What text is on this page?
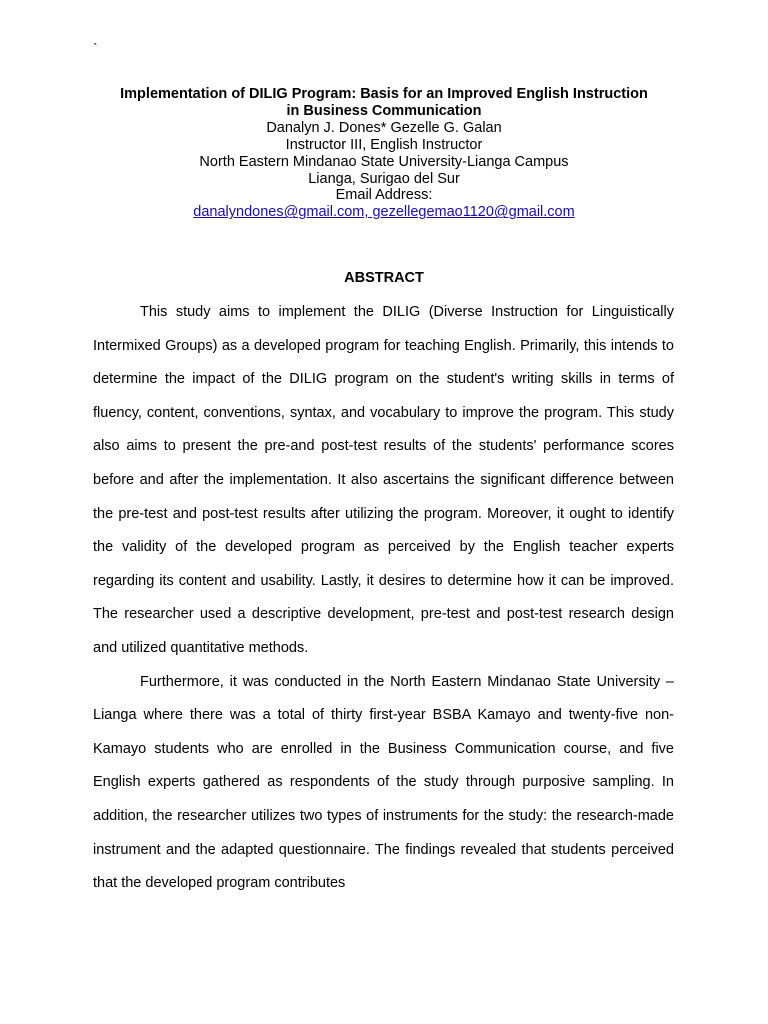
`

Implementation of DILIG Program: Basis for an Improved English Instruction

in Business Communication

Danalyn J. Dones* Gezelle G. Galan

Instructor III, English Instructor

North Eastern Mindanao State University-Lianga Campus

Lianga, Surigao del Sur

Email Address:

danalyndones@gmail.com, gezellegemao1120@gmail.com

ABSTRACT

This study aims to implement the DILIG (Diverse Instruction for Linguistically Intermixed Groups) as a developed program for teaching English. Primarily, this intends to determine the impact of the DILIG program on the student's writing skills in terms of fluency, content, conventions, syntax, and vocabulary to improve the program. This study also aims to present the pre-and post-test results of the students' performance scores before and after the implementation. It also ascertains the significant difference between the pre-test and post-test results after utilizing the program. Moreover, it ought to identify the validity of the developed program as perceived by the English teacher experts regarding its content and usability. Lastly, it desires to determine how it can be improved. The researcher used a descriptive development, pre-test and post-test research design and utilized quantitative methods.

Furthermore, it was conducted in the North Eastern Mindanao State University – Lianga where there was a total of thirty first-year BSBA Kamayo and twenty-five non-Kamayo students who are enrolled in the Business Communication course, and five English experts gathered as respondents of the study through purposive sampling. In addition, the researcher utilizes two types of instruments for the study: the research-made instrument and the adapted questionnaire. The findings revealed that students perceived that the developed program contributes
